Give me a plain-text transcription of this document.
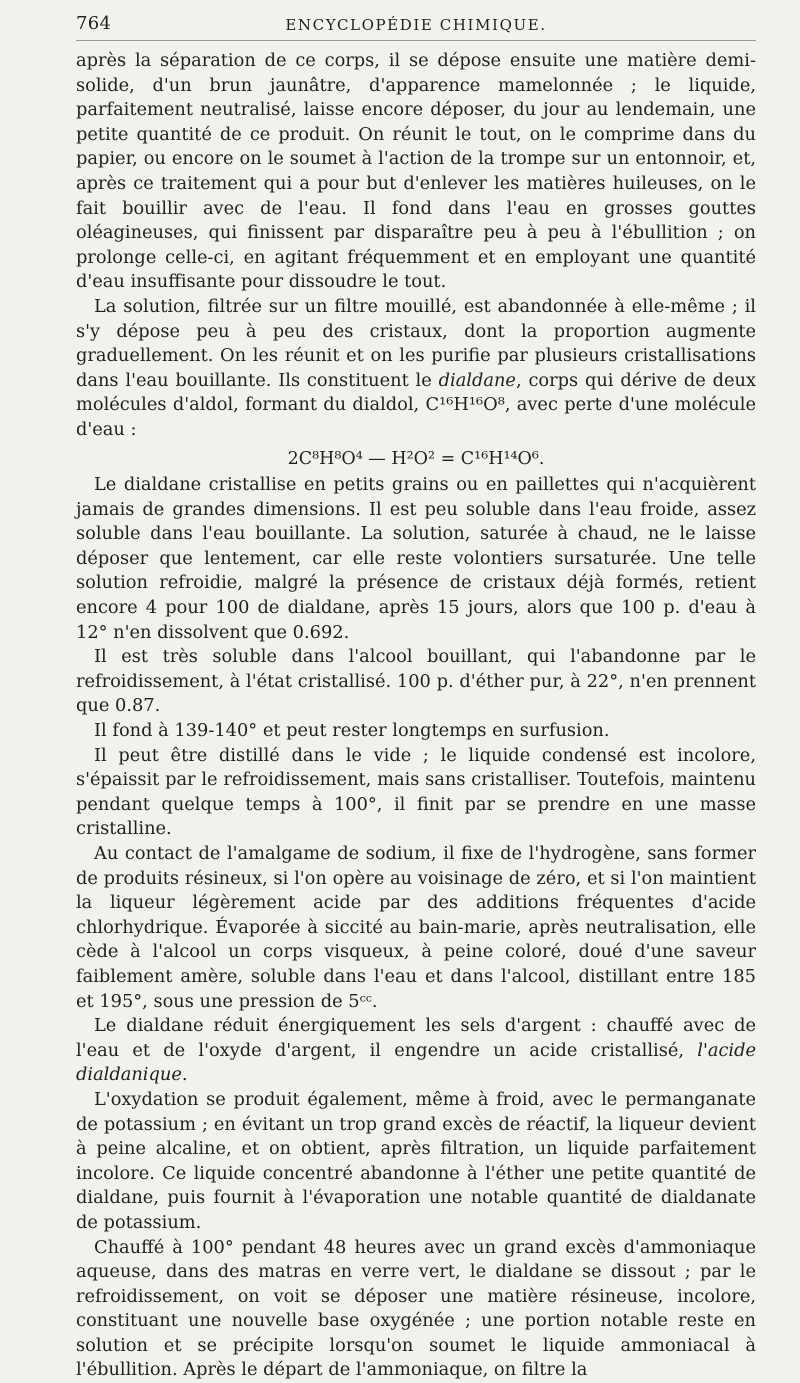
764	ENCYCLOPÉDIE CHIMIQUE.

après la séparation de ce corps, il se dépose ensuite une matière demi-solide, d'un brun jaunâtre, d'apparence mamelonnée ; le liquide, parfaitement neutralisé, laisse encore déposer, du jour au lendemain, une petite quantité de ce produit. On réunit le tout, on le comprime dans du papier, ou encore on le soumet à l'action de la trompe sur un entonnoir, et, après ce traitement qui a pour but d'enlever les matières huileuses, on le fait bouillir avec de l'eau. Il fond dans l'eau en grosses gouttes oléagineuses, qui finissent par disparaître peu à peu à l'ébullition ; on prolonge celle-ci, en agitant fréquemment et en employant une quantité d'eau insuffisante pour dissoudre le tout.

La solution, filtrée sur un filtre mouillé, est abandonnée à elle-même ; il s'y dépose peu à peu des cristaux, dont la proportion augmente graduellement. On les réunit et on les purifie par plusieurs cristallisations dans l'eau bouillante. Ils constituent le dialdane, corps qui dérive de deux molécules d'aldol, formant du dialdol, C¹⁶H¹⁶O⁸, avec perte d'une molécule d'eau :

2C⁸H⁸O⁴ — H²O² = C¹⁶H¹⁴O⁶.

Le dialdane cristallise en petits grains ou en paillettes qui n'acquièrent jamais de grandes dimensions. Il est peu soluble dans l'eau froide, assez soluble dans l'eau bouillante. La solution, saturée à chaud, ne le laisse déposer que lentement, car elle reste volontiers sursaturée. Une telle solution refroidie, malgré la présence de cristaux déjà formés, retient encore 4 pour 100 de dialdane, après 15 jours, alors que 100 p. d'eau à 12° n'en dissolvent que 0.692.

Il est très soluble dans l'alcool bouillant, qui l'abandonne par le refroidissement, à l'état cristallisé. 100 p. d'éther pur, à 22°, n'en prennent que 0.87.

Il fond à 139-140° et peut rester longtemps en surfusion.

Il peut être distillé dans le vide ; le liquide condensé est incolore, s'épaissit par le refroidissement, mais sans cristalliser. Toutefois, maintenu pendant quelque temps à 100°, il finit par se prendre en une masse cristalline.

Au contact de l'amalgame de sodium, il fixe de l'hydrogène, sans former de produits résineux, si l'on opère au voisinage de zéro, et si l'on maintient la liqueur légèrement acide par des additions fréquentes d'acide chlorhydrique. Évaporée à siccité au bain-marie, après neutralisation, elle cède à l'alcool un corps visqueux, à peine coloré, doué d'une saveur faiblement amère, soluble dans l'eau et dans l'alcool, distillant entre 185 et 195°, sous une pression de 5ᶜᶜ.

Le dialdane réduit énergiquement les sels d'argent : chauffé avec de l'eau et de l'oxyde d'argent, il engendre un acide cristallisé, l'acide dialdanique.

L'oxydation se produit également, même à froid, avec le permanganate de potassium ; en évitant un trop grand excès de réactif, la liqueur devient à peine alcaline, et on obtient, après filtration, un liquide parfaitement incolore. Ce liquide concentré abandonne à l'éther une petite quantité de dialdane, puis fournit à l'évaporation une notable quantité de dialdanate de potassium.

Chauffé à 100° pendant 48 heures avec un grand excès d'ammoniaque aqueuse, dans des matras en verre vert, le dialdane se dissout ; par le refroidissement, on voit se déposer une matière résineuse, incolore, constituant une nouvelle base oxygénée ; une portion notable reste en solution et se précipite lorsqu'on soumet le liquide ammoniacal à l'ébullition. Après le départ de l'ammoniaque, on filtre la
